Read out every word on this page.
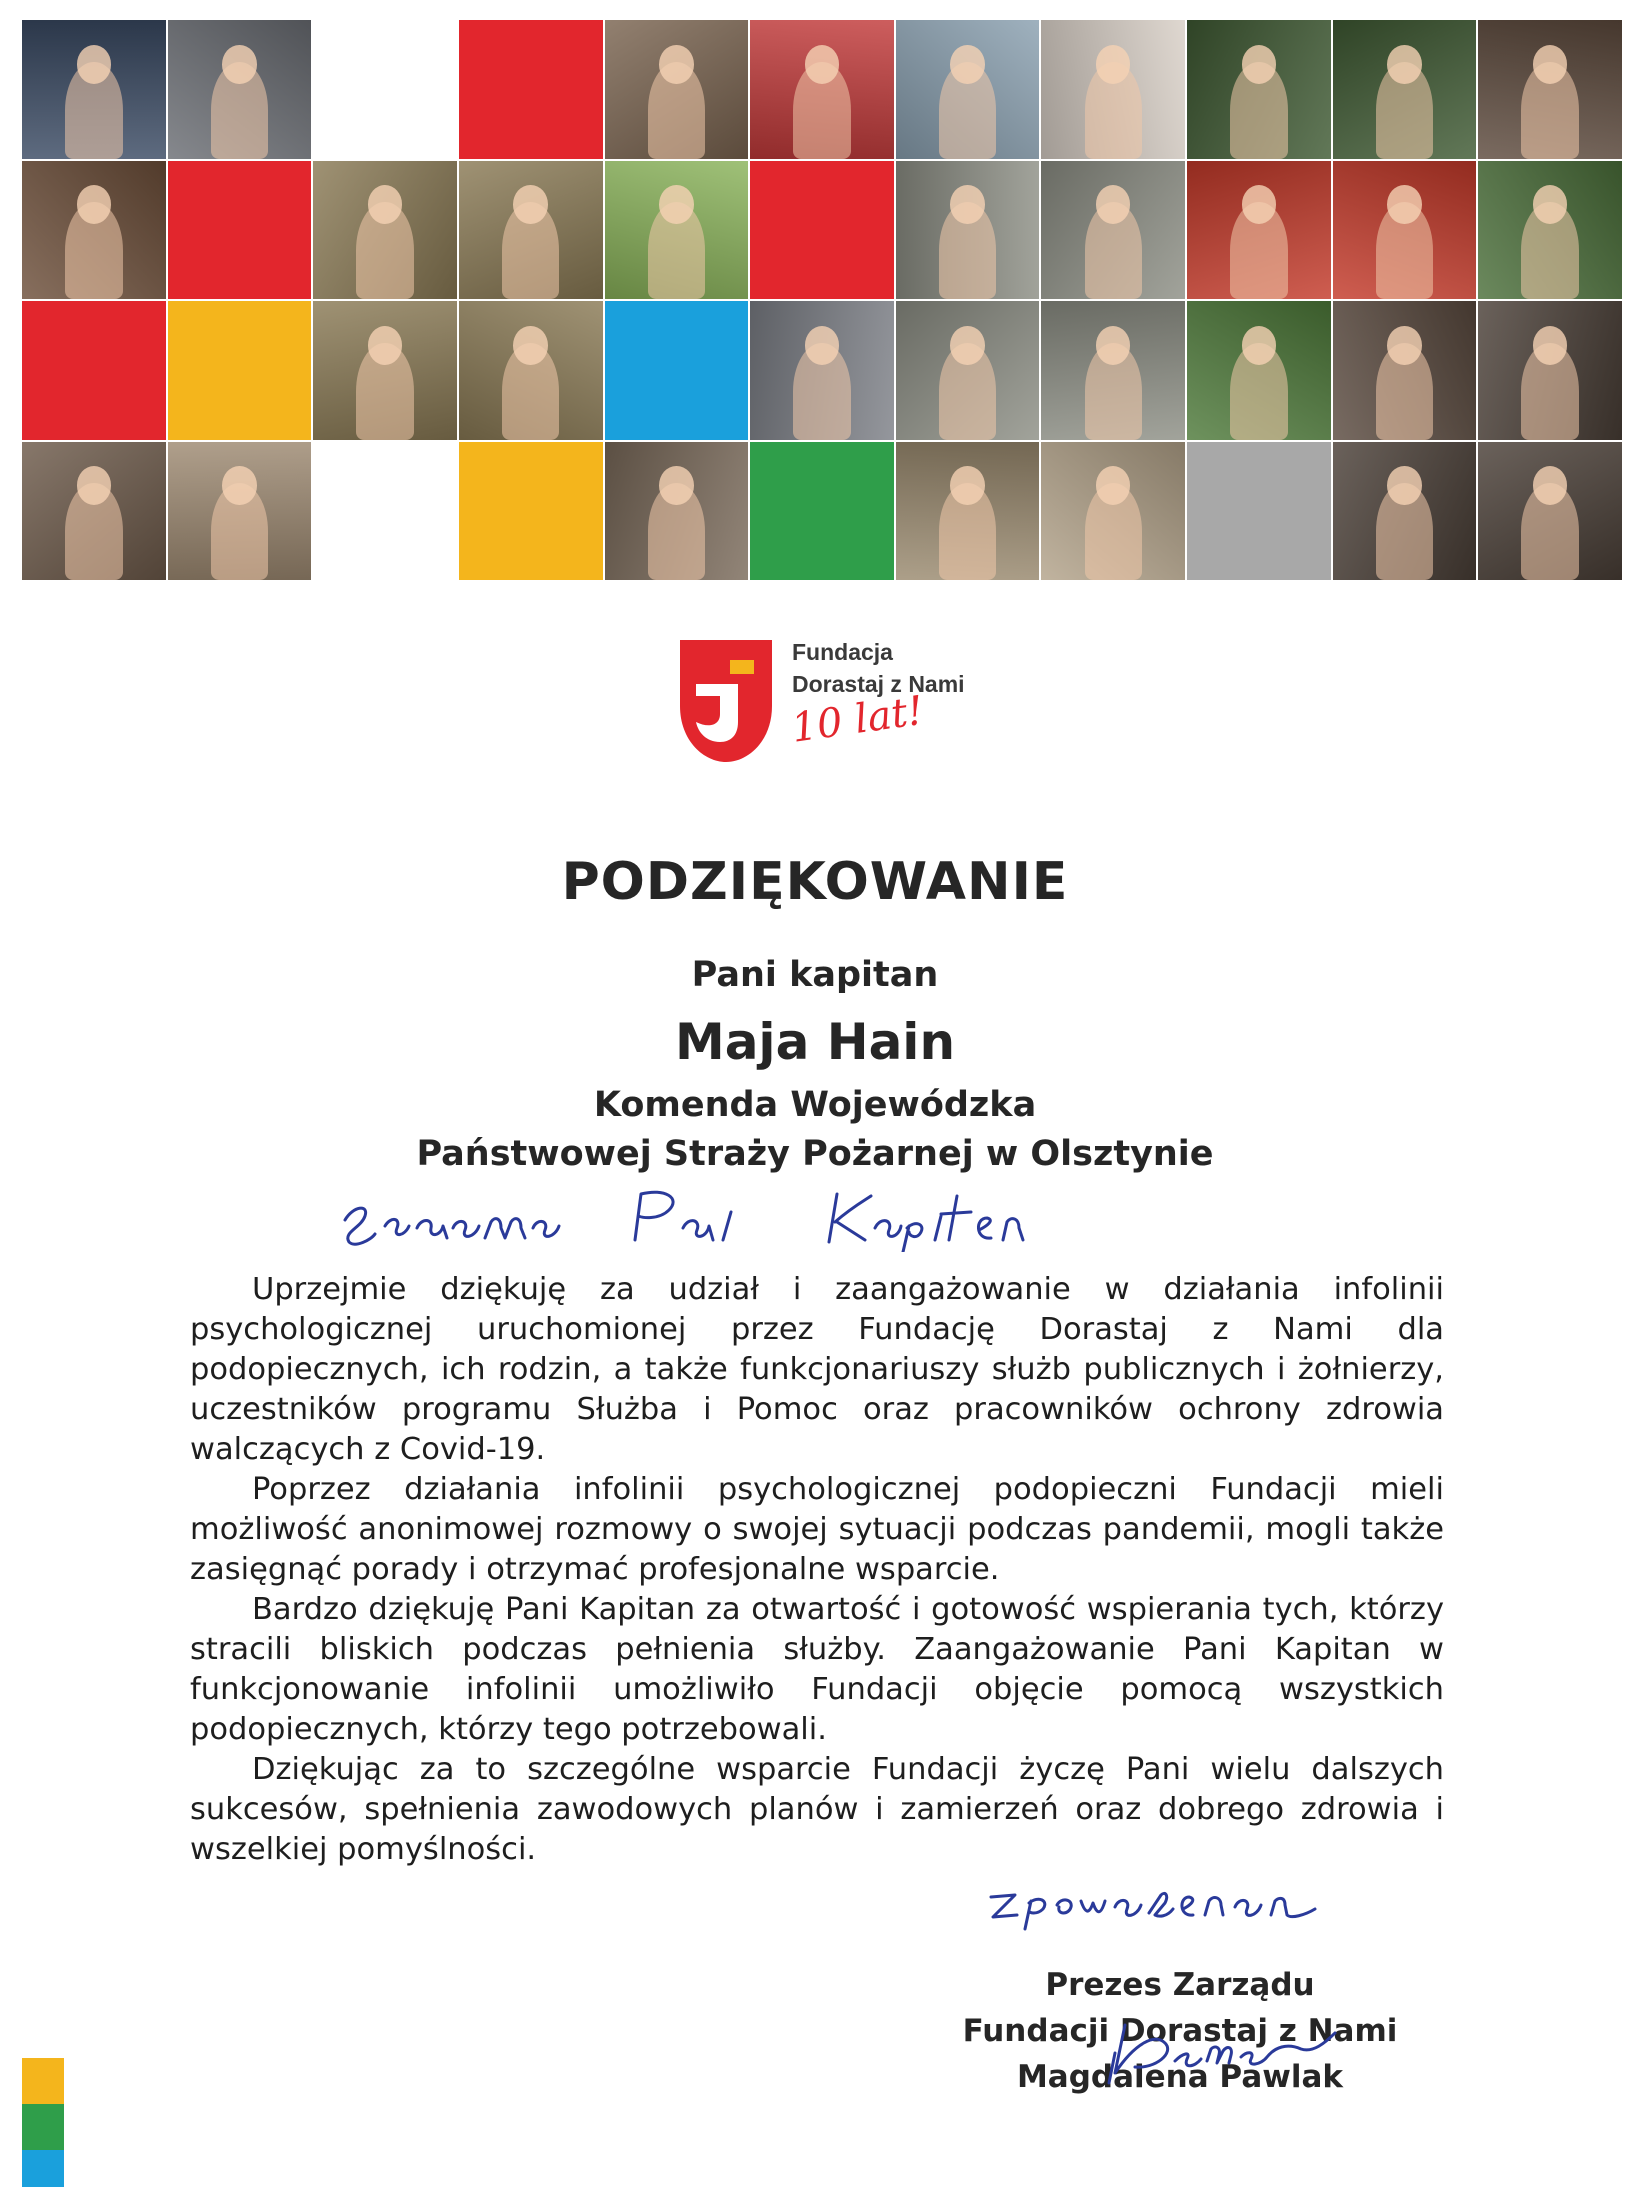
Fundacja
Dorastaj z Nami
10 lat!
PODZIĘKOWANIE
Pani kapitan
Maja Hain
Komenda Wojewódzka
Państwowej Straży Pożarnej w Olsztynie

Uprzejmie dziękuję za udział i zaangażowanie w działania infolinii psychologicznej uruchomionej przez Fundację Dorastaj z Nami dla podopiecznych, ich rodzin, a także funkcjonariuszy służb publicznych i żołnierzy, uczestników programu Służba i Pomoc oraz pracowników ochrony zdrowia walczących z Covid-19.

Poprzez działania infolinii psychologicznej podopieczni Fundacji mieli możliwość anonimowej rozmowy o swojej sytuacji podczas pandemii, mogli także zasięgnąć porady i otrzymać profesjonalne wsparcie.

Bardzo dziękuję Pani Kapitan za otwartość i gotowość wspierania tych, którzy stracili bliskich podczas pełnienia służby. Zaangażowanie Pani Kapitan w funkcjonowanie infolinii umożliwiło Fundacji objęcie pomocą wszystkich podopiecznych, którzy tego potrzebowali.

Dziękując za to szczególne wsparcie Fundacji życzę Pani wielu dalszych sukcesów, spełnienia zawodowych planów i zamierzeń oraz dobrego zdrowia i wszelkiej pomyślności.

Prezes Zarządu
Fundacji Dorastaj z Nami
Magdalena Pawlak
